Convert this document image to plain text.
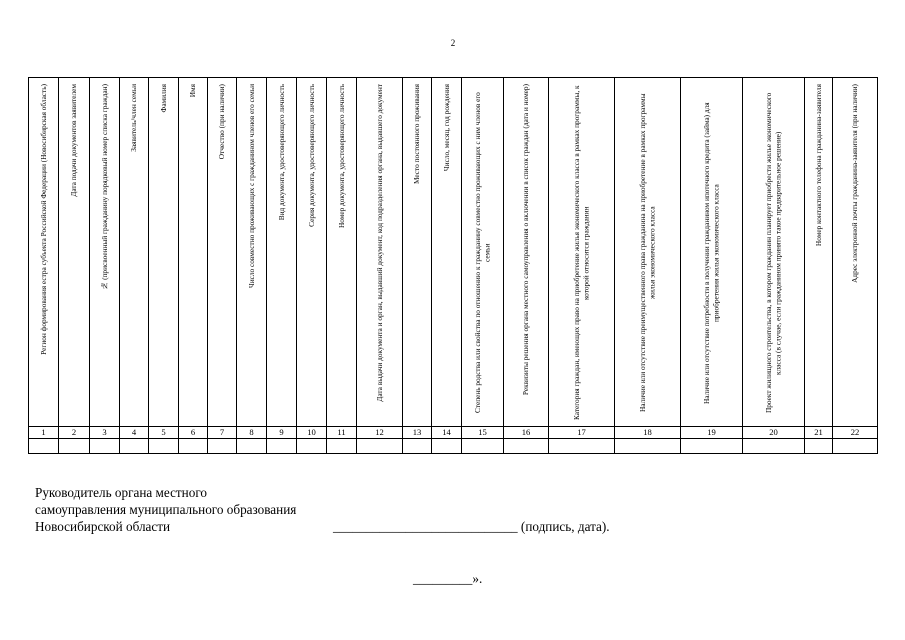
2
Регион формирования естра субъекта Российской Федерации (Новосибирская область)	Дата подачи документов заявителем	№ (присвоенный гражданину порядковый номер списка граждан)	Заявитель/член семьи	Фамилия	Имя	Отчество (при наличии)	Число совместно проживающих с гражданином членов его семьи	Вид документа, удостоверяющего личность	Серия документа, удостоверяющего личность	Номер документа, удостоверяющего личность	Дата выдачи документа и орган, выдавший документ, код подразделения органа, выдавшего документ	Место постоянного проживания	Число, месяц, год рождения	Степень родства или свойства по отношению к гражданину совместно проживающих с ним членов его семьи	Реквизиты решения органа местного самоуправления о включении в список граждан (дата и номер)	Категория граждан, имеющих право на приобретение жилья экономического класса в рамках программы, к которой относится гражданин	Наличие или отсутствие преимущественного права гражданина на приобретение в рамках программы жилья экономического класса	Наличие или отсутствие потребности в получении гражданином ипотечного кредита (займа) для приобретения жилья экономического класса	Проект жилищного строительства, в котором гражданин планирует приобрести жилье экономического класса (в случае, если гражданином принято такое предварительное решение)	Номер контактного телефона гражданина-заявителя	Адрес электронной почты гражданина-заявителя (при наличии)

1	2	3	4	5	6	7	8	9	10	11	12	13	14	15	16	17	18	19	20	21	22

Руководитель органа местного
самоуправления муниципального образования
Новосибирской области	____________________________ (подпись, дата).
_________».
